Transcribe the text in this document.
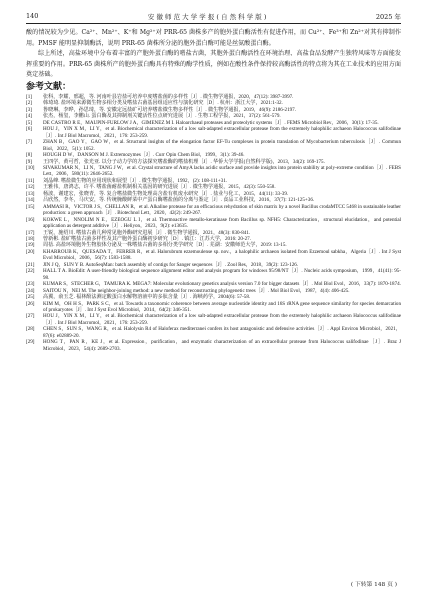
140	安 徽 师 范 大 学 学 报 ( 自 然 科 学 版 )	2025 年

酸的情况较为少见。Ca²⁺、Mn²⁺、K⁺和 Mg²⁺对 PRR-65 菌株多产的胞外蛋白酶活性有促进作用，而 Cu²⁺、Fe³⁺和 Zn²⁺对其有抑制作用。PMSF 能明显抑制酶活，说明 PRR-65 菌株所分泌的胞外蛋白酶可能是丝氨酸蛋白酶。

综上所述，高盐环境中分布着丰富的产胞外蛋白酶的嗜盐古菌，其胞外蛋白酶活性在环境治理、高盐食品发酵产生独特风味等方面能发挥重要的作用。PRR-65 菌株所产的胞外蛋白酶具有特殊的酶学性质，例如在酸性条件保持较高酶活性的特点将为其在工业技术的应用方面奠定基础。

参考文献：
[1]	张科，李耀，邢超，等. 河南叶县岩盐可培养中度嗜盐菌的多样性［J］. 微生物学通报，2020，47(12): 3987-3997.
[2]	韩琦琦. 盐环境来源微生物多相分类及嗜盐古菌基因组适应性与演化研究［D］. 杭州：浙江大学，2021:1-32.
[3]	鲁晓琳，李晔，孙思琦，等. 安徽定远盐矿可培养嗜盐微生物多样性［J］. 微生物学通报，2019，46(9): 2186-2197.
[4]	张杰，杨玺，李鹏山. 蛋白酶及其抑制剂关键活性位点研究进展［J］. 生物工程学报，2021，37(2): 561-579.
[5]	DE CASTRO R E，MAUPIN-FURLOW J A，GIMENEZ M I. Haloarchaeal proteases and proteolytic systems［J］. FEMS Microbiol Rev，2006，30(1): 17-35.
[6]	HOU J，YIN X M，LI Y，et al. Biochemical characterization of a low salt-adapted extracellular protease from the extremely halophilic archaeon Halococcus salifodinae［J］. Int J Biol Macromol，2021，176: 253-259.
[7]	ZHAN B，GAO Y，GAO W，et al. Structural insights of the elongation factor EF-Tu complexes in protein translation of Mycobacterium tuberculosis［J］. Commun Biol，2022，5(1): 1052.
[8]	HOUGH D W，DANSON M J. Extremozymes［J］. Curr Opin Chem Biol，1999，3(1): 39-46.
[9]	王四学，黄可哲，张光亚. 以分子动力学的方法探究嗜盐酶的嗜盐机理［J］. 华侨大学学报(自然科学版)，2013，34(2): 169-175.
[10]	SIVAKUMAR N，LI N，TANG J W，et al. Crystal structure of AmyA lacks acidic surface and provide insights into protein stability at poly-extreme condition［J］. FEBS Lett，2006，580(11): 2646-2652.
[11]	刘晶峰. 嗜盐微生物的应用现状和展望［J］. 微生物学通报，1992，(2): 108-111+31.
[12]	王雅伟，唐鸿志，许平. 嗜盐菌耐盐机制相关基因的研究进展［J］. 微生物学通报，2015，42(3): 550-558.
[13]	杨波，谢建宏，张晓青，等. 复合嗜盐微生物处理高含盐有机废水研究［J］. 盐业与化工，2015，44(11): 33-39.
[14]	吕欣然，李冬，马庆安，等. 传统腌酸鲜菜中产蛋白酶嗜盐菌的分离与鉴定［J］. 食品工业科技，2016，37(7): 121-125+36.
[15]	AMMASI R，VICTOR J S，CHELLAN R，et al. Alkaline protease for an efficacious rehydration of skin matrix by a novel Bacillus crodaMTCC 5468 in sustainable leather production: a green approach［J］. Biotechnol Lett，2020，42(2): 249-267.
[16]	KOKWE L，NNOLIM N E，EZEOGU L I，et al. Thermoactive metallo-keratinase from Bacillus sp. NFH5: Characterization，structural elucidation，and potential application as detergent additive［J］. Heliyon，2023，9(2): e13635.
[17]	王锐，施绍川. 嗜盐古菌几种常见胞外酶研究进展［J］. 微生物学通报，2021，48(3): 830-841.
[18]	曾新彬. 盐矿嗜盐古菌多样性及其产胞外蛋白酶初步研究［D］. 镇江：江苏大学，2016: 20-27.
[19]	周蓓. 高盐环境胞外生物胶体分泌及一株嗜盐古菌的多相分类学研究［D］. 芜湖：安徽师范大学，2019: 13-15.
[20]	KHARROUB K，QUESADA T，FERRER R，et al. Halorubrum ezzemoulense sp. nov.，a halophilic archaeon isolated from Ezzemoul sabkha，Algeria［J］. Int J Syst Evol Microbiol，2006，56(7): 1583-1588.
[21]	JIN J Q，SUN Y B. AutoSeqMan: batch assembly of contigs for Sanger sequences［J］. Zool Res，2018，39(2): 123-126.
[22]	HALL T A. BioEdit: A user-friendly biological sequence alignment editor and analysis program for windows 95/98/NT［J］. Nucleic acids symposium，1999，41(41): 95-98.
[23]	KUMAR S，STECHER G，TAMURA K. MEGA7: Molecular evolutionary genetics analysis version 7.0 for bigger datasets［J］. Mol Biol Evol，2016，33(7): 1870-1874.
[24]	SAITOU N，NEI M. The neighbor-joining method: a new method for reconstructing phylogenetic trees［J］. Mol Biol Evol，1987，4(4): 406-425.
[25]	高翼，俞玉芝. 福林酚法测定酸蛋白水解物溶液中的多肽含量［J］. 海峡药学，2004(6): 57-58.
[26]	KIM M，OH H S，PARK S C，et al. Towards a taxonomic coherence between average nucleotide identity and 16S rRNA gene sequence similarity for species demarcation of prokaryotes［J］. Int J Syst Evol Microbiol，2014，64(2): 346-351.
[27]	HOU J，YIN X M，LI Y，et al. Biochemical characterization of a low salt-adapted extracellular protease from the extremely halophilic archaeon Halococcus salifodinae［J］. Int J Biol Macromol，2021，176: 253-259.
[28]	CHEN S，SUN S，WANG R，et al. Halolysin R4 of Haloferax mediterranei confers its host antagonistic and defensive activities［J］. Appl Environ Microbiol，2021，87(6): e02889-20.
[29]	HONG T，PAN R，KE J，et al. Expression，purification，and enzymatic characterization of an extracellular protease from Halococcus salifodinae［J］. Braz J Microbiol，2023，54(4): 2689-2703.
( 下转第 148 页 )
